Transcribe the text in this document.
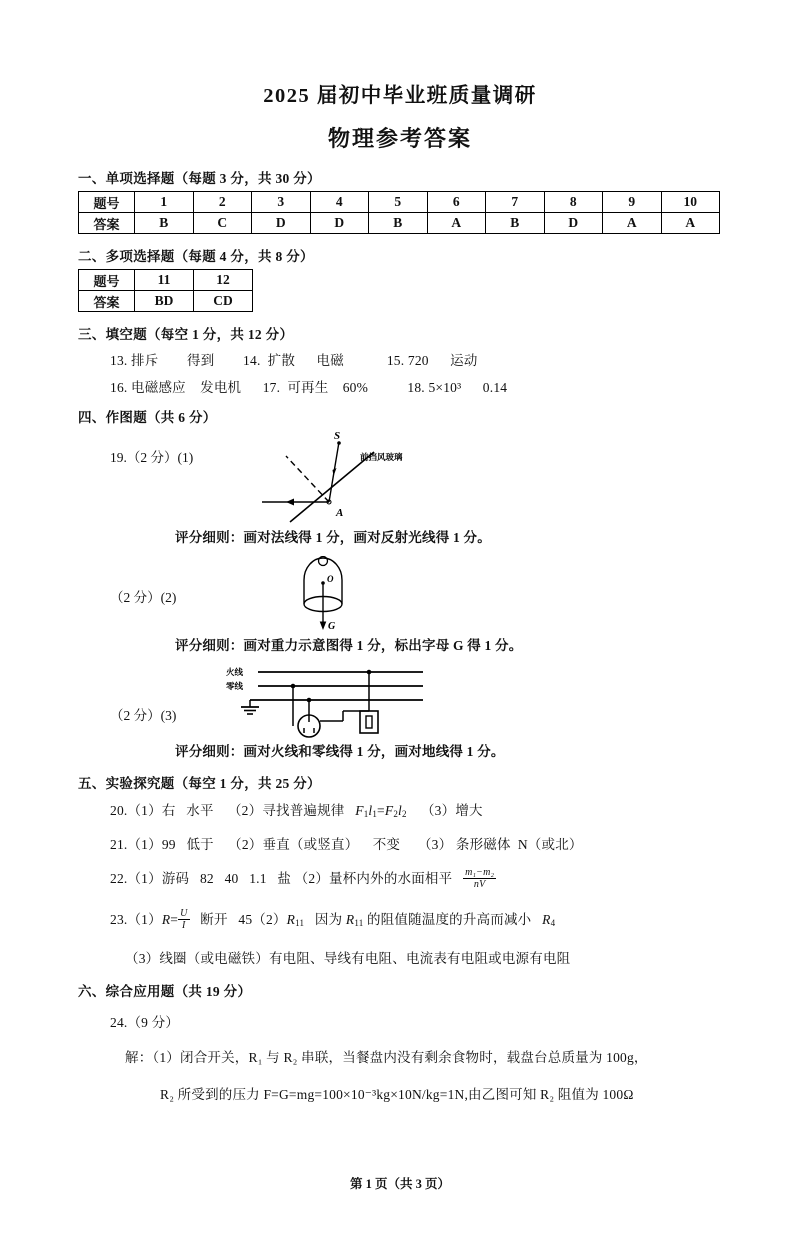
2025 届初中毕业班质量调研
物理参考答案
一、单项选择题（每题 3 分，共 30 分）
题号	1	2	3	4	5	6	7	8	9	10
答案	B	C	D	D	B	A	B	D	A	A
二、多项选择题（每题 4 分，共 8 分）
题号	11	12
答案	BD	CD
三、填空题（每空 1 分，共 12 分）
13. 排斥        得到        14.  扩散      电磁            15. 720      运动
16. 电磁感应    发电机      17.  可再生    60%           18. 5×10³      0.14
四、作图题（共 6 分）
19.（2 分）(1)
S
A
前挡风玻璃
评分细则：画对法线得 1 分，画对反射光线得 1 分。
（2 分）(2)
O
G
评分细则：画对重力示意图得 1 分，标出字母 G 得 1 分。
（2 分）(3)
火线
零线
评分细则：画对火线和零线得 1 分，画对地线得 1 分。
五、实验探究题（每空 1 分，共 25 分）
20.（1）右   水平    （2）寻找普遍规律   $F_1l_1=F_2l_2$    （3）增大
21.（1）99   低于    （2）垂直（或竖直）    不变     （3） 条形磁体  N（或北）
22.（1）游码   82   40   1.1   盐 （2）量杯内外的水面相平 $\frac{\text{m₁−m₂}}{nV}$
$23.(1)R= \frac{U}{I}$ 断开   $45(2)R_{11}$   因为 $R_{11}$ 的阻值随温度的升高而减小   $R_4$
（3）线圈（或电磁铁）有电阻、导线有电阻、电流表有电阻或电源有电阻
六、综合应用题（共 19 分）
24.（9 分）
解：（1）闭合开关，R₁ 与 R₂ 串联，当餐盘内没有剩余食物时，载盘台总质量为 100g，
R₂ 所受到的压力 F=G=mg=100×10⁻³kg×10N/kg=1N,由乙图可知 R₂ 阻值为 100Ω
第 1 页（共 3 页）
